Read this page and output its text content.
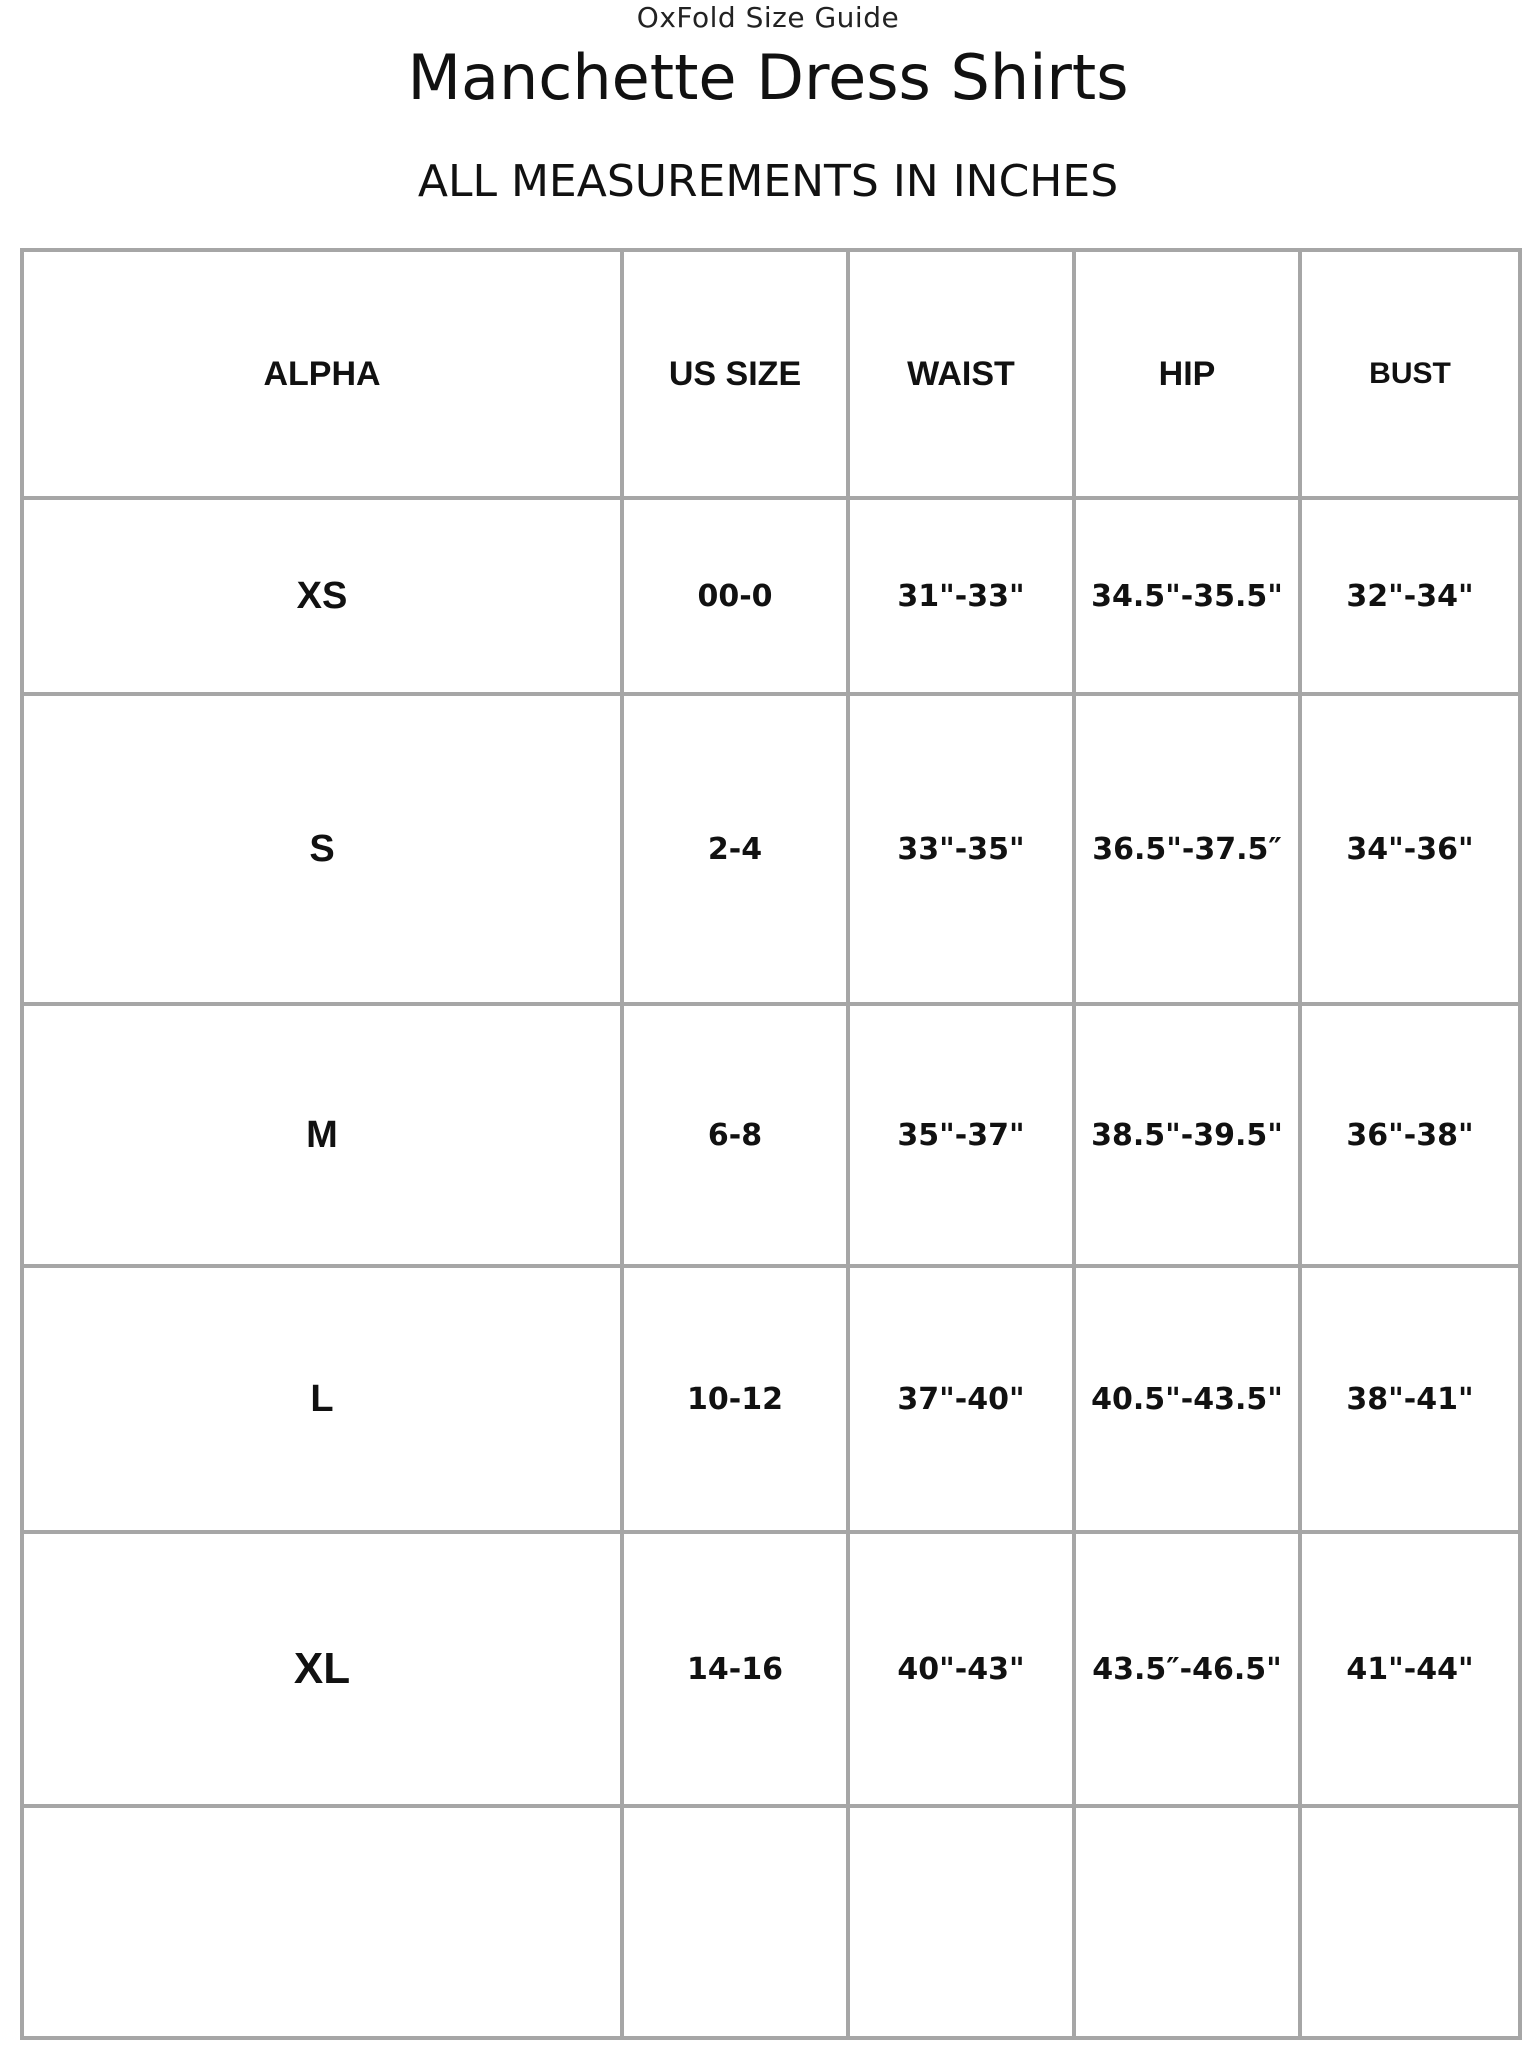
OxFold Size Guide
Manchette Dress Shirts
ALL MEASUREMENTS IN INCHES
ALPHA	US SIZE	WAIST	HIP	BUST
XS	00-0	31"-33"	34.5"-35.5"	32"-34"
S	2-4	33"-35"	36.5"-37.5″	34"-36"
M	6-8	35"-37"	38.5"-39.5"	36"-38"
L	10-12	37"-40"	40.5"-43.5"	38"-41"
XL	14-16	40"-43"	43.5″-46.5"	41"-44"
